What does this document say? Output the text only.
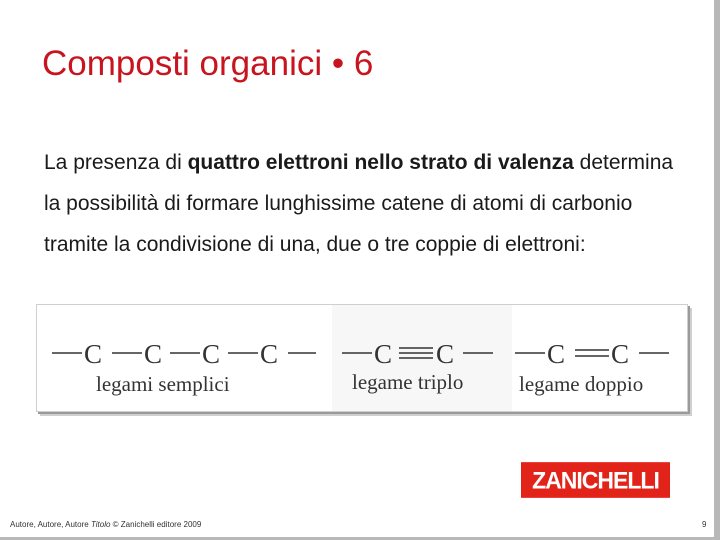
Composti organici • 6
La presenza di quattro elettroni nello strato di valenza determina la possibilità di formare lunghissime catene di atomi di carbonio tramite la condivisione di una, due o tre coppie di elettroni:
C C C C	C C	C C
legami semplici	legame triplo	legame doppio
ZANICHELLI
Autore, Autore, Autore Titolo © Zanichelli editore 2009	9
